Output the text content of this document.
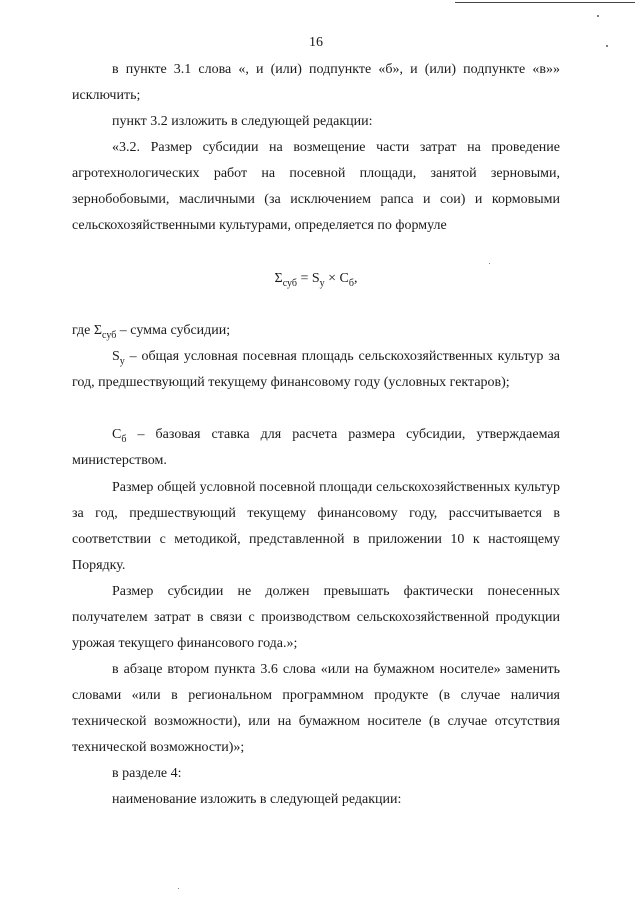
16

в пункте 3.1 слова «, и (или) подпункте «б», и (или) подпункте «в»» исключить;

пункт 3.2 изложить в следующей редакции:

«3.2. Размер субсидии на возмещение части затрат на проведение агротехнологических работ на посевной площади, занятой зерновыми, зернобобовыми, масличными (за исключением рапса и сои) и кормовыми сельскохозяйственными культурами, определяется по формуле

$\Sigma_{суб} = S_у \times С_б$,

где $\Sigma_{суб}$ – сумма субсидии;

$S_у$ – общая условная посевная площадь сельскохозяйственных культур за год, предшествующий текущему финансовому году (условных гектаров);

$С_б$ – базовая ставка для расчета размера субсидии, утверждаемая министерством.

Размер общей условной посевной площади сельскохозяйственных культур за год, предшествующий текущему финансовому году, рассчитывается в соответствии с методикой, представленной в приложении 10 к настоящему Порядку.

Размер субсидии не должен превышать фактически понесенных получателем затрат в связи с производством сельскохозяйственной продукции урожая текущего финансового года.»;

в абзаце втором пункта 3.6 слова «или на бумажном носителе» заменить словами «или в региональном программном продукте (в случае наличия технической возможности), или на бумажном носителе (в случае отсутствия технической возможности)»;

в разделе 4:

наименование изложить в следующей редакции:
